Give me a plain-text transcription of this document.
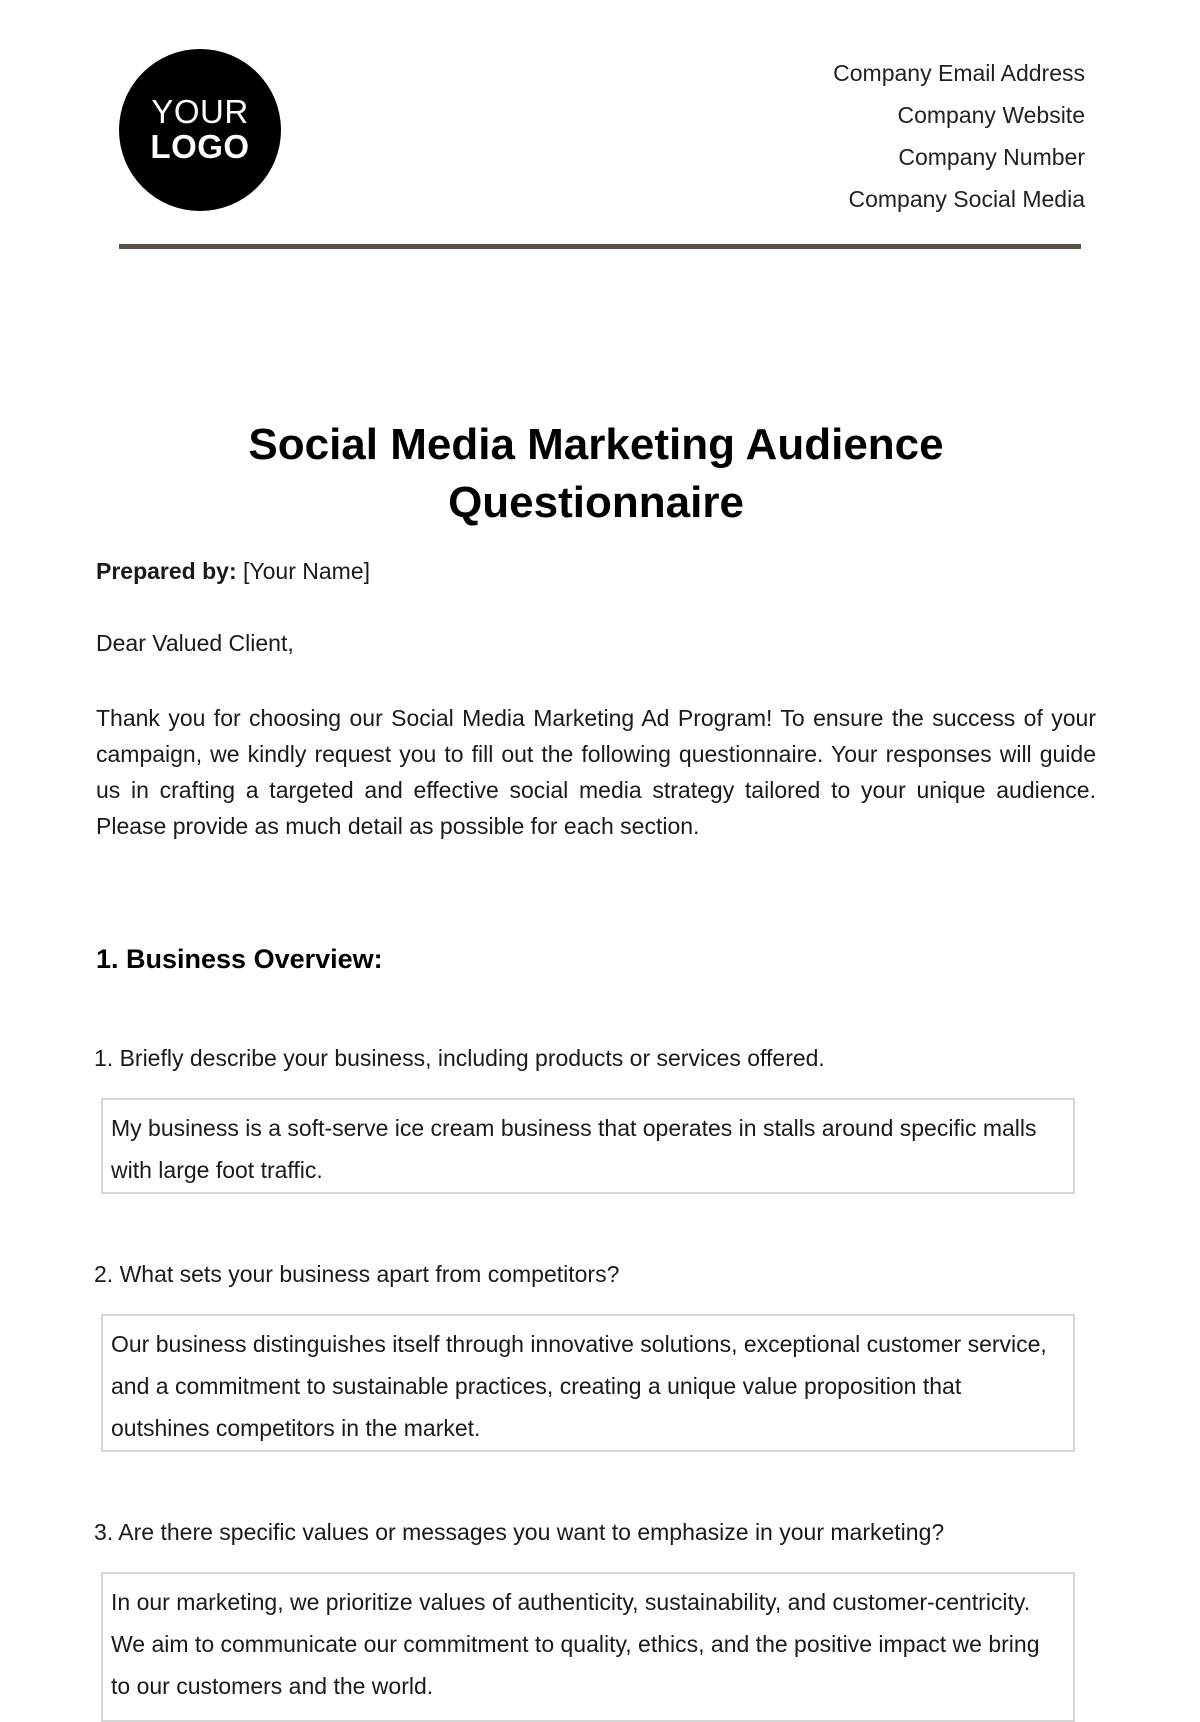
YOUR
LOGO
Company Email Address
Company Website
Company Number
Company Social Media
Social Media Marketing Audience Questionnaire
Prepared by: [Your Name]
Dear Valued Client,

Thank you for choosing our Social Media Marketing Ad Program! To ensure the success of your campaign, we kindly request you to fill out the following questionnaire. Your responses will guide us in crafting a targeted and effective social media strategy tailored to your unique audience. Please provide as much detail as possible for each section.

1. Business Overview:
1. Briefly describe your business, including products or services offered.
My business is a soft-serve ice cream business that operates in stalls around specific malls with large foot traffic.
2. What sets your business apart from competitors?
Our business distinguishes itself through innovative solutions, exceptional customer service, and a commitment to sustainable practices, creating a unique value proposition that outshines competitors in the market.
3. Are there specific values or messages you want to emphasize in your marketing?
In our marketing, we prioritize values of authenticity, sustainability, and customer-centricity. We aim to communicate our commitment to quality, ethics, and the positive impact we bring to our customers and the world.
